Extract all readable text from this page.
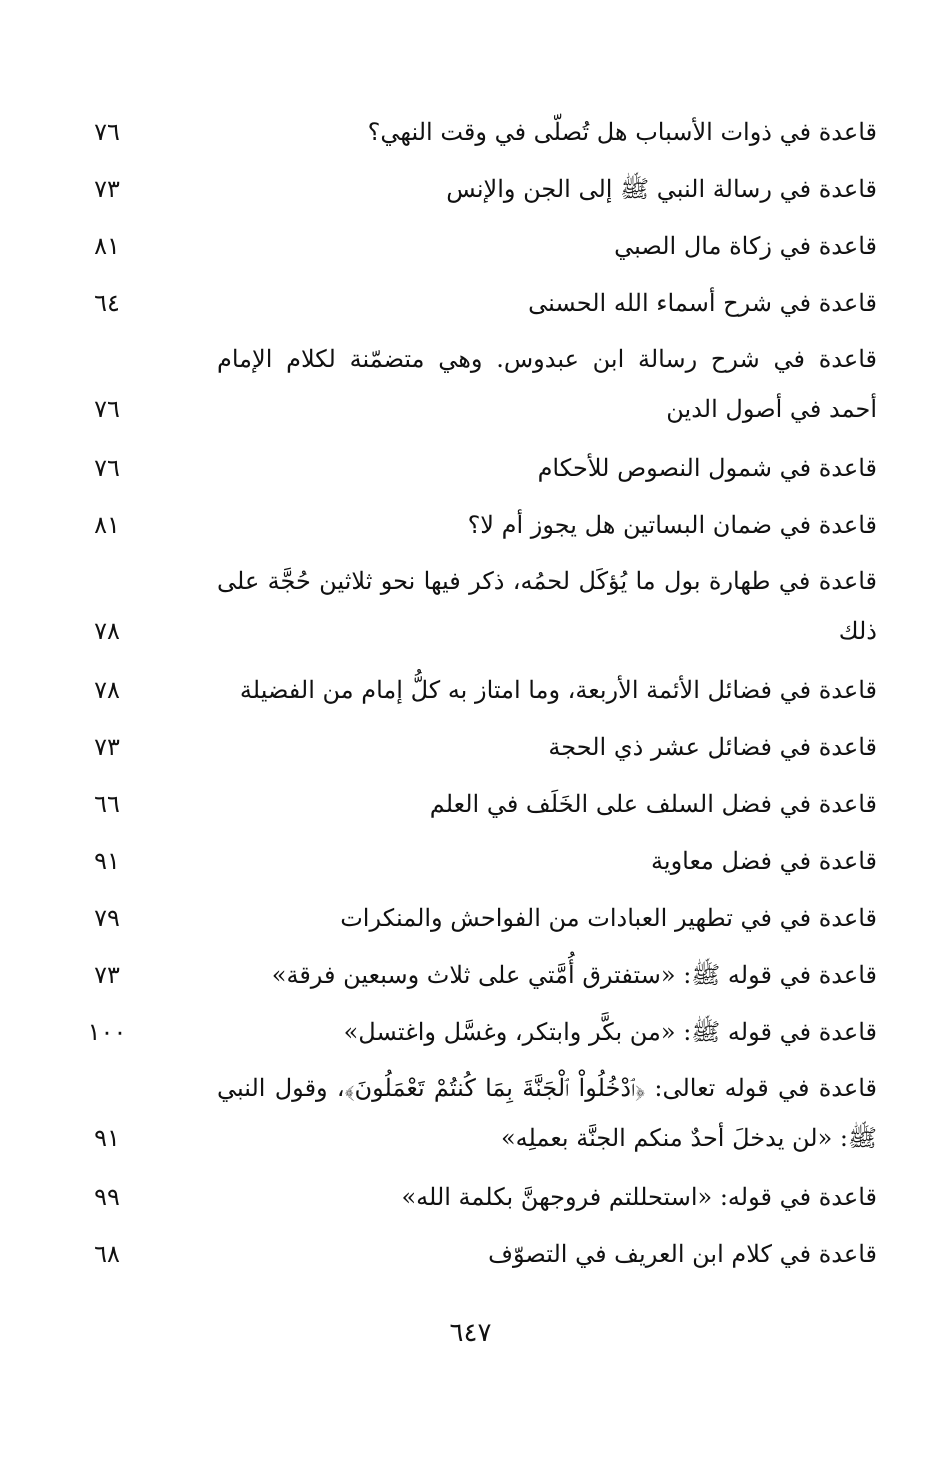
قاعدة في ذوات الأسباب هل تُصلّى في وقت النهي؟
٧٦
قاعدة في رسالة النبي ﷺ إلى الجن والإنس
٧٣
قاعدة في زكاة مال الصبي
٨١
قاعدة في شرح أسماء الله الحسنى
٦٤
قاعدة في شرح رسالة ابن عبدوس. وهي متضمّنة لكلام الإمام أحمد في أصول الدين
٧٦
قاعدة في شمول النصوص للأحكام
٧٦
قاعدة في ضمان البساتين هل يجوز أم لا؟
٨١
قاعدة في طهارة بول ما يُؤكَل لحمُه، ذكر فيها نحو ثلاثين حُجَّة على ذلك
٧٨
قاعدة في فضائل الأئمة الأربعة، وما امتاز به كلُّ إمام من الفضيلة
٧٨
قاعدة في فضائل عشر ذي الحجة
٧٣
قاعدة في فضل السلف على الخَلَف في العلم
٦٦
قاعدة في فضل معاوية
٩١
قاعدة في في تطهير العبادات من الفواحش والمنكرات
٧٩
قاعدة في قوله ﷺ: «ستفترق أُمَّتي على ثلاث وسبعين فرقة»
٧٣
قاعدة في قوله ﷺ: «من بكَّر وابتكر، وغسَّل واغتسل»
١٠٠
قاعدة في قوله تعالى: ﴿ٱدْخُلُواْ ٱلْجَنَّةَ بِمَا كُنتُمْ تَعْمَلُونَ﴾، وقول النبي ﷺ: «لن يدخلَ أحدٌ منكم الجنَّة بعملِه»
٩١
قاعدة في قوله: «استحللتم فروجهنَّ بكلمة الله»
٩٩
قاعدة في كلام ابن العريف في التصوّف
٦٨
٦٤٧
